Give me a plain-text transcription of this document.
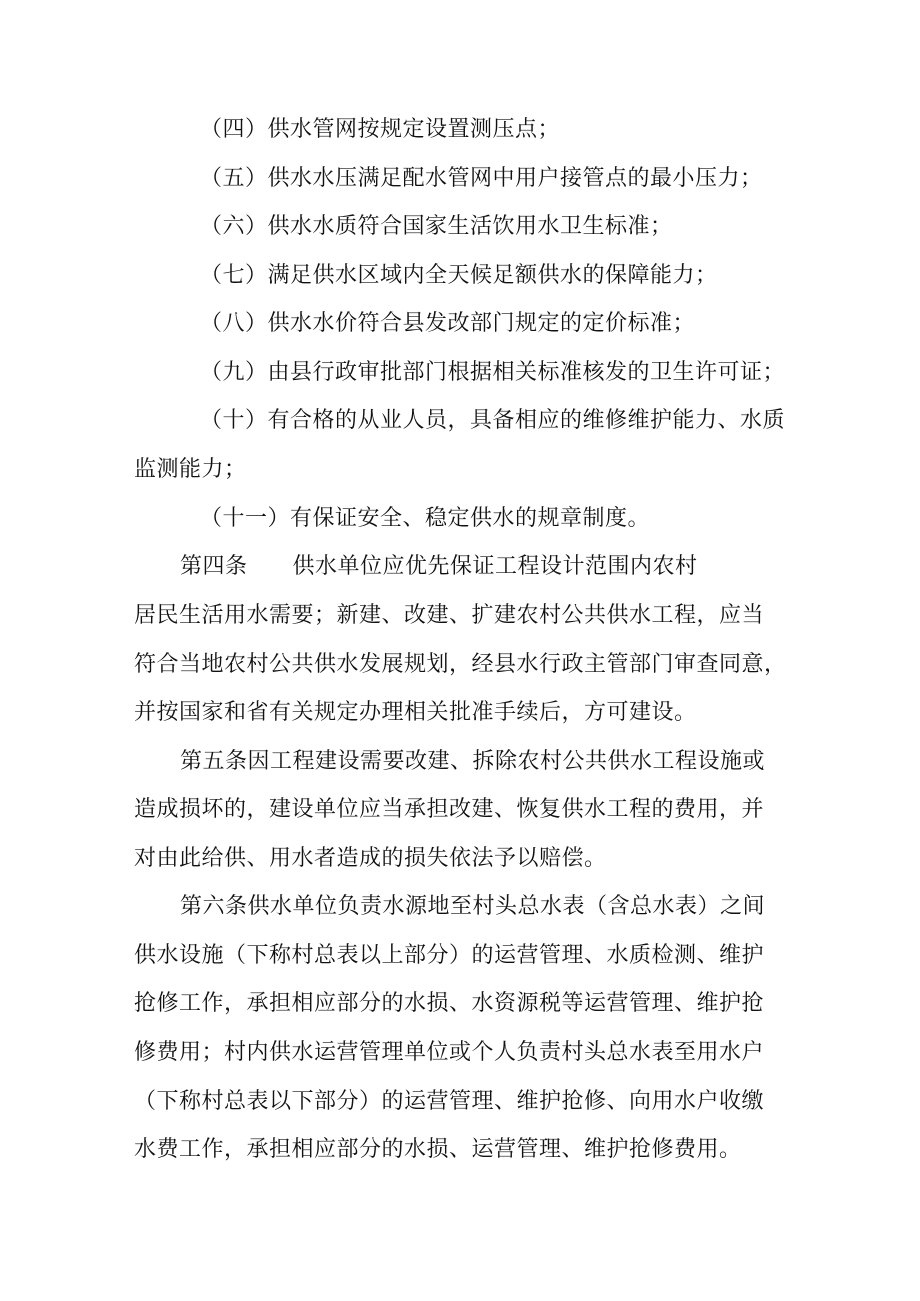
（四）供水管网按规定设置测压点；
（五）供水水压满足配水管网中用户接管点的最小压力；
（六）供水水质符合国家生活饮用水卫生标准；
（七）满足供水区域内全天候足额供水的保障能力；
（八）供水水价符合县发改部门规定的定价标准；
（九）由县行政审批部门根据相关标准核发的卫生许可证；
（十）有合格的从业人员，具备相应的维修维护能力、水质
监测能力；
（十一）有保证安全、稳定供水的规章制度。
第四条　　供水单位应优先保证工程设计范围内农村
居民生活用水需要；新建、改建、扩建农村公共供水工程，应当
符合当地农村公共供水发展规划，经县水行政主管部门审查同意，
并按国家和省有关规定办理相关批准手续后，方可建设。
第五条因工程建设需要改建、拆除农村公共供水工程设施或
造成损坏的，建设单位应当承担改建、恢复供水工程的费用，并
对由此给供、用水者造成的损失依法予以赔偿。
第六条供水单位负责水源地至村头总水表（含总水表）之间
供水设施（下称村总表以上部分）的运营管理、水质检测、维护
抢修工作，承担相应部分的水损、水资源税等运营管理、维护抢
修费用；村内供水运营管理单位或个人负责村头总水表至用水户
（下称村总表以下部分）的运营管理、维护抢修、向用水户收缴
水费工作，承担相应部分的水损、运营管理、维护抢修费用。
